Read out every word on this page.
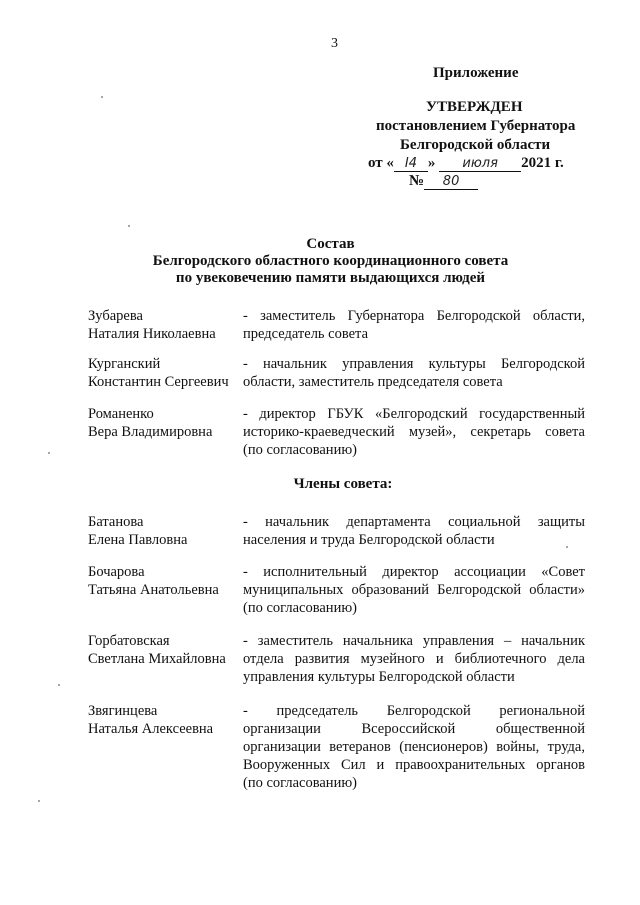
3
Приложение
УТВЕРЖДЕН
постановлением Губернатора
Белгородской области
от « I4 » июля 2021 г.
№ 80
Состав
Белгородского областного координационного совета
по увековечению памяти выдающихся людей
Зубарева
Наталия Николаевна
- заместитель Губернатора Белгородской области,
председатель совета
Курганский
Константин Сергеевич
- начальник управления культуры Белгородской
области, заместитель председателя совета
Романенко
Вера Владимировна
- директор ГБУК «Белгородский государственный
историко-краеведческий музей», секретарь совета
(по согласованию)
Члены совета:
Батанова
Елена Павловна
- начальник департамента социальной защиты
населения и труда Белгородской области
Бочарова
Татьяна Анатольевна
- исполнительный директор ассоциации «Совет
муниципальных образований Белгородской области»
(по согласованию)
Горбатовская
Светлана Михайловна
- заместитель начальника управления – начальник
отдела развития музейного и библиотечного дела
управления культуры Белгородской области
Звягинцева
Наталья Алексеевна
- председатель Белгородской региональной
организации Всероссийской общественной
организации ветеранов (пенсионеров) войны, труда,
Вооруженных Сил и правоохранительных органов
(по согласованию)
